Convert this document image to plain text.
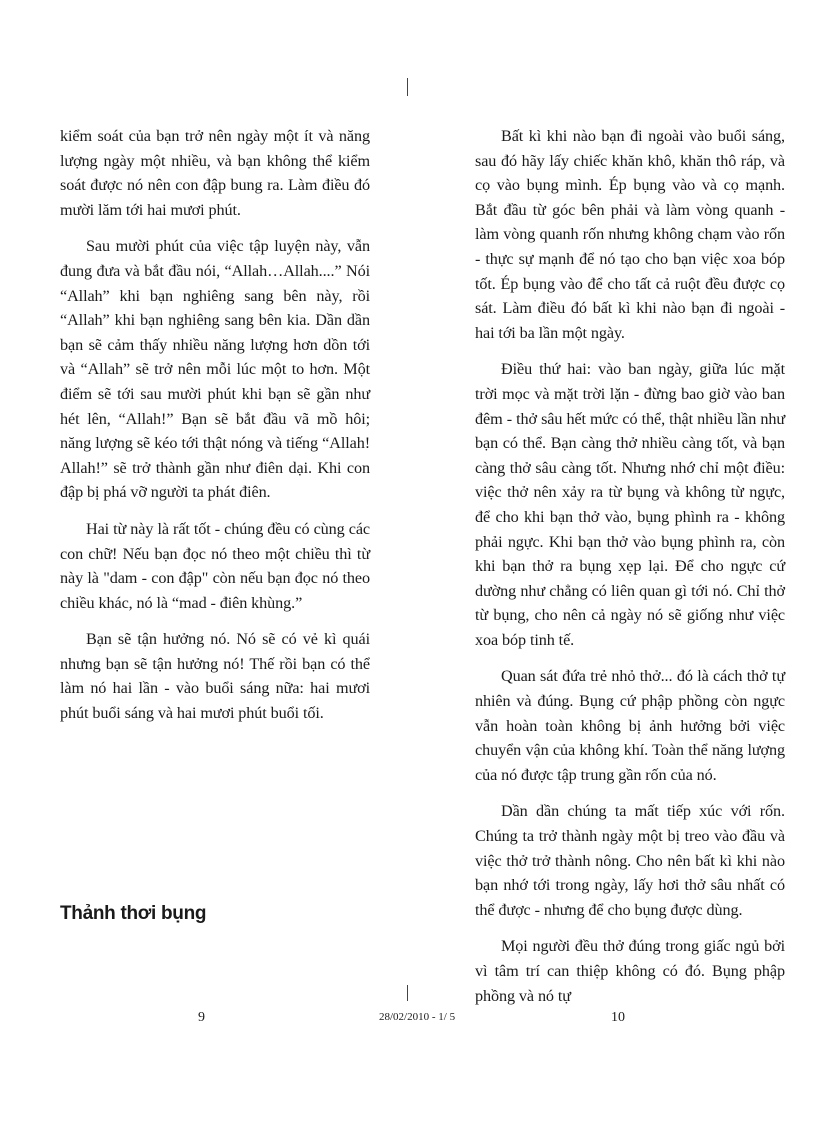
kiểm soát của bạn trở nên ngày một ít và năng lượng ngày một nhiều, và bạn không thể kiểm soát được nó nên con đập bung ra. Làm điều đó mười lăm tới hai mươi phút.

Sau mười phút của việc tập luyện này, vẫn đung đưa và bắt đầu nói, “Allah…Allah....” Nói “Allah” khi bạn nghiêng sang bên này, rồi “Allah” khi bạn nghiêng sang bên kia. Dần dần bạn sẽ cảm thấy nhiều năng lượng hơn dồn tới và “Allah” sẽ trở nên mỗi lúc một to hơn. Một điểm sẽ tới sau mười phút khi bạn sẽ gần như hét lên, “Allah!” Bạn sẽ bắt đầu vã mồ hôi; năng lượng sẽ kéo tới thật nóng và tiếng “Allah! Allah!” sẽ trở thành gần như điên dại. Khi con đập bị phá vỡ người ta phát điên.

Hai từ này là rất tốt - chúng đều có cùng các con chữ! Nếu bạn đọc nó theo một chiều thì từ này là "dam - con đập" còn nếu bạn đọc nó theo chiều khác, nó là “mad - điên khùng.”

Bạn sẽ tận hưởng nó. Nó sẽ có vẻ kì quái nhưng bạn sẽ tận hưởng nó! Thế rồi bạn có thể làm nó hai lần - vào buổi sáng nữa: hai mươi phút buổi sáng và hai mươi phút buổi tối.

Thảnh thơi bụng

Bất kì khi nào bạn đi ngoài vào buổi sáng, sau đó hãy lấy chiếc khăn khô, khăn thô ráp, và cọ vào bụng mình. Ép bụng vào và cọ mạnh. Bắt đầu từ góc bên phải và làm vòng quanh - làm vòng quanh rốn nhưng không chạm vào rốn - thực sự mạnh để nó tạo cho bạn việc xoa bóp tốt. Ép bụng vào để cho tất cả ruột đều được cọ sát. Làm điều đó bất kì khi nào bạn đi ngoài - hai tới ba lần một ngày.

Điều thứ hai: vào ban ngày, giữa lúc mặt trời mọc và mặt trời lặn - đừng bao giờ vào ban đêm - thở sâu hết mức có thể, thật nhiều lần như bạn có thể. Bạn càng thở nhiều càng tốt, và bạn càng thở sâu càng tốt. Nhưng nhớ chỉ một điều: việc thở nên xảy ra từ bụng và không từ ngực, để cho khi bạn thở vào, bụng phình ra - không phải ngực. Khi bạn thở vào bụng phình ra, còn khi bạn thở ra bụng xẹp lại. Để cho ngực cứ dường như chẳng có liên quan gì tới nó. Chỉ thở từ bụng, cho nên cả ngày nó sẽ giống như việc xoa bóp tinh tế.

Quan sát đứa trẻ nhỏ thở... đó là cách thở tự nhiên và đúng. Bụng cứ phập phồng còn ngực vẫn hoàn toàn không bị ảnh hưởng bởi việc chuyển vận của không khí. Toàn thể năng lượng của nó được tập trung gần rốn của nó.

Dần dần chúng ta mất tiếp xúc với rốn. Chúng ta trở thành ngày một bị treo vào đầu và việc thở trở thành nông. Cho nên bất kì khi nào bạn nhớ tới trong ngày, lấy hơi thở sâu nhất có thể được - nhưng để cho bụng được dùng.

Mọi người đều thở đúng trong giấc ngủ bởi vì tâm trí can thiệp không có đó. Bụng phập phồng và nó tự

9	28/02/2010 - 1/ 5	10
